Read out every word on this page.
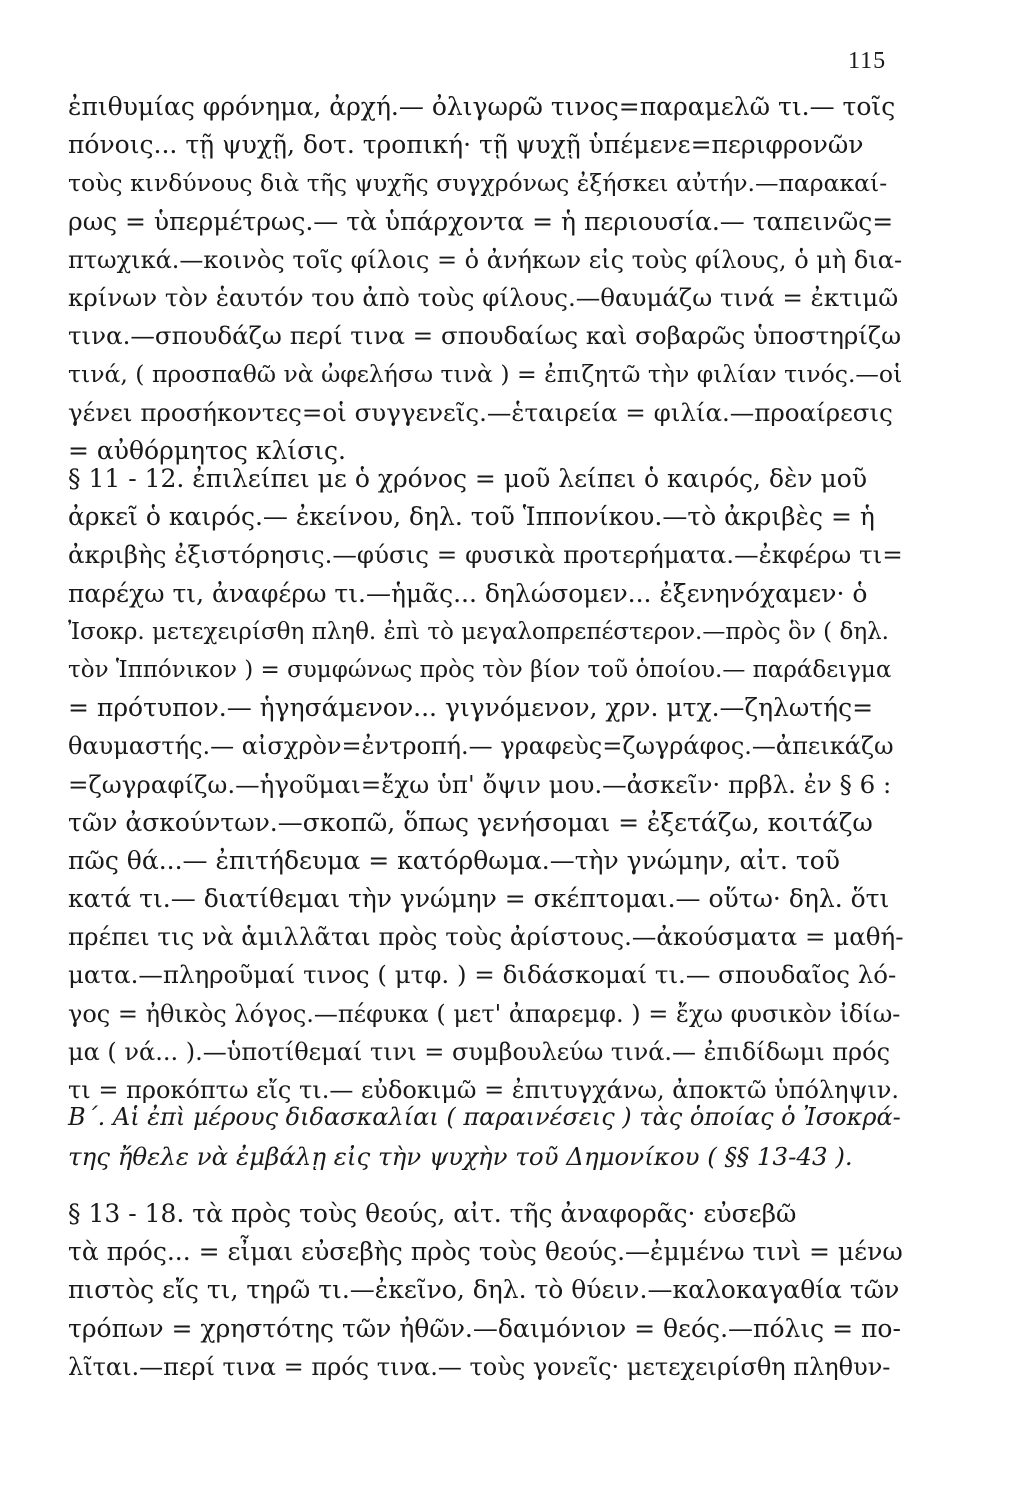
115
ἐπιθυμίας φρόνημα, ἀρχή.— ὀλιγωρῶ τινος=παραμελῶ τι.— τοῖς
πόνοις... τῇ ψυχῇ, δοτ. τροπική· τῇ ψυχῇ ὑπέμενε=περιφρονῶν
τοὺς κινδύνους διὰ τῆς ψυχῆς συγχρόνως ἐξήσκει αὐτήν.—παρακαί-
ρως = ὑπερμέτρως.— τὰ ὑπάρχοντα = ἡ περιουσία.— ταπεινῶς=
πτωχικά.—κοινὸς τοῖς φίλοις = ὁ ἀνήκων εἰς τοὺς φίλους, ὁ μὴ δια-
κρίνων τὸν ἑαυτόν του ἀπὸ τοὺς φίλους.—θαυμάζω τινά = ἐκτιμῶ
τινα.—σπουδάζω περί τινα = σπουδαίως καὶ σοβαρῶς ὑποστηρίζω
τινά, ( προσπαθῶ νὰ ὠφελήσω τινὰ ) = ἐπιζητῶ τὴν φιλίαν τινός.—οἱ
γένει προσήκοντες=οἱ συγγενεῖς.—ἑταιρεία = φιλία.—προαίρεσις
= αὐθόρμητος κλίσις.
§ 11 - 12. ἐπιλείπει με ὁ χρόνος = μοῦ λείπει ὁ καιρός, δὲν μοῦ
ἀρκεῖ ὁ καιρός.— ἐκείνου, δηλ. τοῦ Ἱππονίκου.—τὸ ἀκριβὲς = ἡ
ἀκριβὴς ἐξιστόρησις.—φύσις = φυσικὰ προτερήματα.—ἐκφέρω τι=
παρέχω τι, ἀναφέρω τι.—ἡμᾶς... δηλώσομεν... ἐξενηνόχαμεν· ὁ
Ἰσοκρ. μετεχειρίσθη πληθ. ἐπὶ τὸ μεγαλοπρεπέστερον.—πρὸς ὃν ( δηλ.
τὸν Ἱππόνικον ) = συμφώνως πρὸς τὸν βίον τοῦ ὁποίου.— παράδειγμα
= πρότυπον.— ἡγησάμενον... γιγνόμενον, χρν. μτχ.—ζηλωτής=
θαυμαστής.— αἰσχρὸν=ἐντροπή.— γραφεὺς=ζωγράφος.—ἀπεικάζω
=ζωγραφίζω.—ἡγοῦμαι=ἔχω ὑπ' ὄψιν μου.—ἀσκεῖν· πρβλ. ἐν § 6 :
τῶν ἀσκούντων.—σκοπῶ, ὅπως γενήσομαι = ἐξετάζω, κοιτάζω
πῶς θά...— ἐπιτήδευμα = κατόρθωμα.—τὴν γνώμην, αἰτ. τοῦ
κατά τι.— διατίθεμαι τὴν γνώμην = σκέπτομαι.— οὕτω· δηλ. ὅτι
πρέπει τις νὰ ἁμιλλᾶται πρὸς τοὺς ἀρίστους.—ἀκούσματα = μαθή-
ματα.—πληροῦμαί τινος ( μτφ. ) = διδάσκομαί τι.— σπουδαῖος λό-
γος = ἠθικὸς λόγος.—πέφυκα ( μετ' ἀπαρεμφ. ) = ἔχω φυσικὸν ἰδίω-
μα ( νά... ).—ὑποτίθεμαί τινι = συμβουλεύω τινά.— ἐπιδίδωμι πρός
τι = προκόπτω εἴς τι.— εὐδοκιμῶ = ἐπιτυγχάνω, ἀποκτῶ ὑπόληψιν.
Β΄. Αἱ ἐπὶ μέρους διδασκαλίαι ( παραινέσεις ) τὰς ὁποίας ὁ Ἰσοκρά-
της ἤθελε νὰ ἐμβάλῃ εἰς τὴν ψυχὴν τοῦ Δημονίκου ( §§ 13-43 ).
§ 13 - 18. τὰ πρὸς τοὺς θεούς, αἰτ. τῆς ἀναφορᾶς· εὐσεβῶ
τὰ πρός... = εἶμαι εὐσεβὴς πρὸς τοὺς θεούς.—ἐμμένω τινὶ = μένω
πιστὸς εἴς τι, τηρῶ τι.—ἐκεῖνο, δηλ. τὸ θύειν.—καλοκαγαθία τῶν
τρόπων = χρηστότης τῶν ἠθῶν.—δαιμόνιον = θεός.—πόλις = πο-
λῖται.—περί τινα = πρός τινα.— τοὺς γονεῖς· μετεχειρίσθη πληθυν-
